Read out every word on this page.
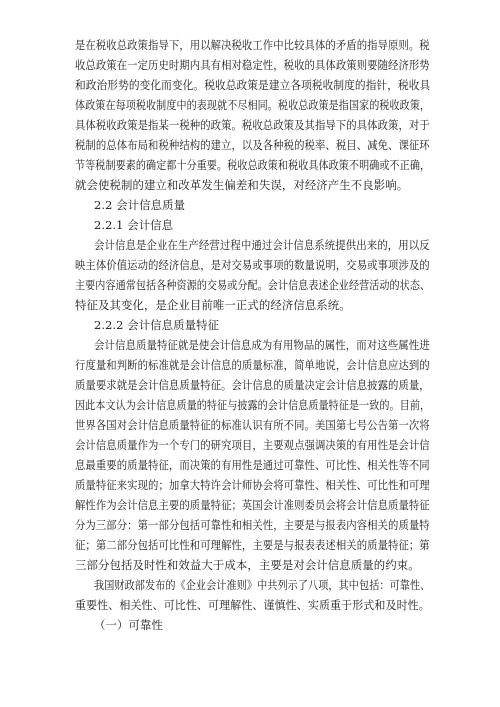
是在税收总政策指导下，用以解决税收工作中比较具体的矛盾的指导原则。税
收总政策在一定历史时期内具有相对稳定性，税收的具体政策则要随经济形势
和政治形势的变化而变化。税收总政策是建立各项税收制度的指针，税收具
体政策在每项税收制度中的表现就不尽相同。税收总政策是指国家的税收政策，
具体税收政策是指某一税种的政策。税收总政策及其指导下的具体政策，对于
税制的总体布局和税种结构的建立，以及各种税的税率、税目、减免、课征环
节等税制要素的确定都十分重要。税收总政策和税收具体政策不明确或不正确，
就会使税制的建立和改革发生偏差和失误，对经济产生不良影响。
2.2 会计信息质量
2.2.1 会计信息
会计信息是企业在生产经营过程中通过会计信息系统提供出来的，用以反
映主体价值运动的经济信息，是对交易或事项的数量说明，交易或事项涉及的
主要内容通常包括各种资源的交易或分配。会计信息表述企业经营活动的状态、
特征及其变化，是企业目前唯一正式的经济信息系统。
2.2.2 会计信息质量特征
会计信息质量特征就是使会计信息成为有用物品的属性，而对这些属性进
行度量和判断的标准就是会计信息的质量标准，简单地说，会计信息应达到的
质量要求就是会计信息质量特征。会计信息的质量决定会计信息披露的质量，
因此本文认为会计信息质量的特征与披露的会计信息质量特征是一致的。目前，
世界各国对会计信息质量特征的标准认识有所不同。美国第七号公告第一次将
会计信息质量作为一个专门的研究项目，主要观点强调决策的有用性是会计信
息最重要的质量特征，而决策的有用性是通过可靠性、可比性、相关性等不同
质量特征来实现的；加拿大特许会计师协会将可靠性、相关性、可比性和可理
解性作为会计信息主要的质量特征；英国会计准则委员会将会计信息质量特征
分为三部分：第一部分包括可靠性和相关性，主要是与报表内容相关的质量特
征；第二部分包括可比性和可理解性，主要是与报表表述相关的质量特征；第
三部分包括及时性和效益大于成本，主要是对会计信息质量的约束。
我国财政部发布的《企业会计准则》中共列示了八项，其中包括：可靠性、
重要性、相关性、可比性、可理解性、谨慎性、实质重于形式和及时性。
（一）可靠性
